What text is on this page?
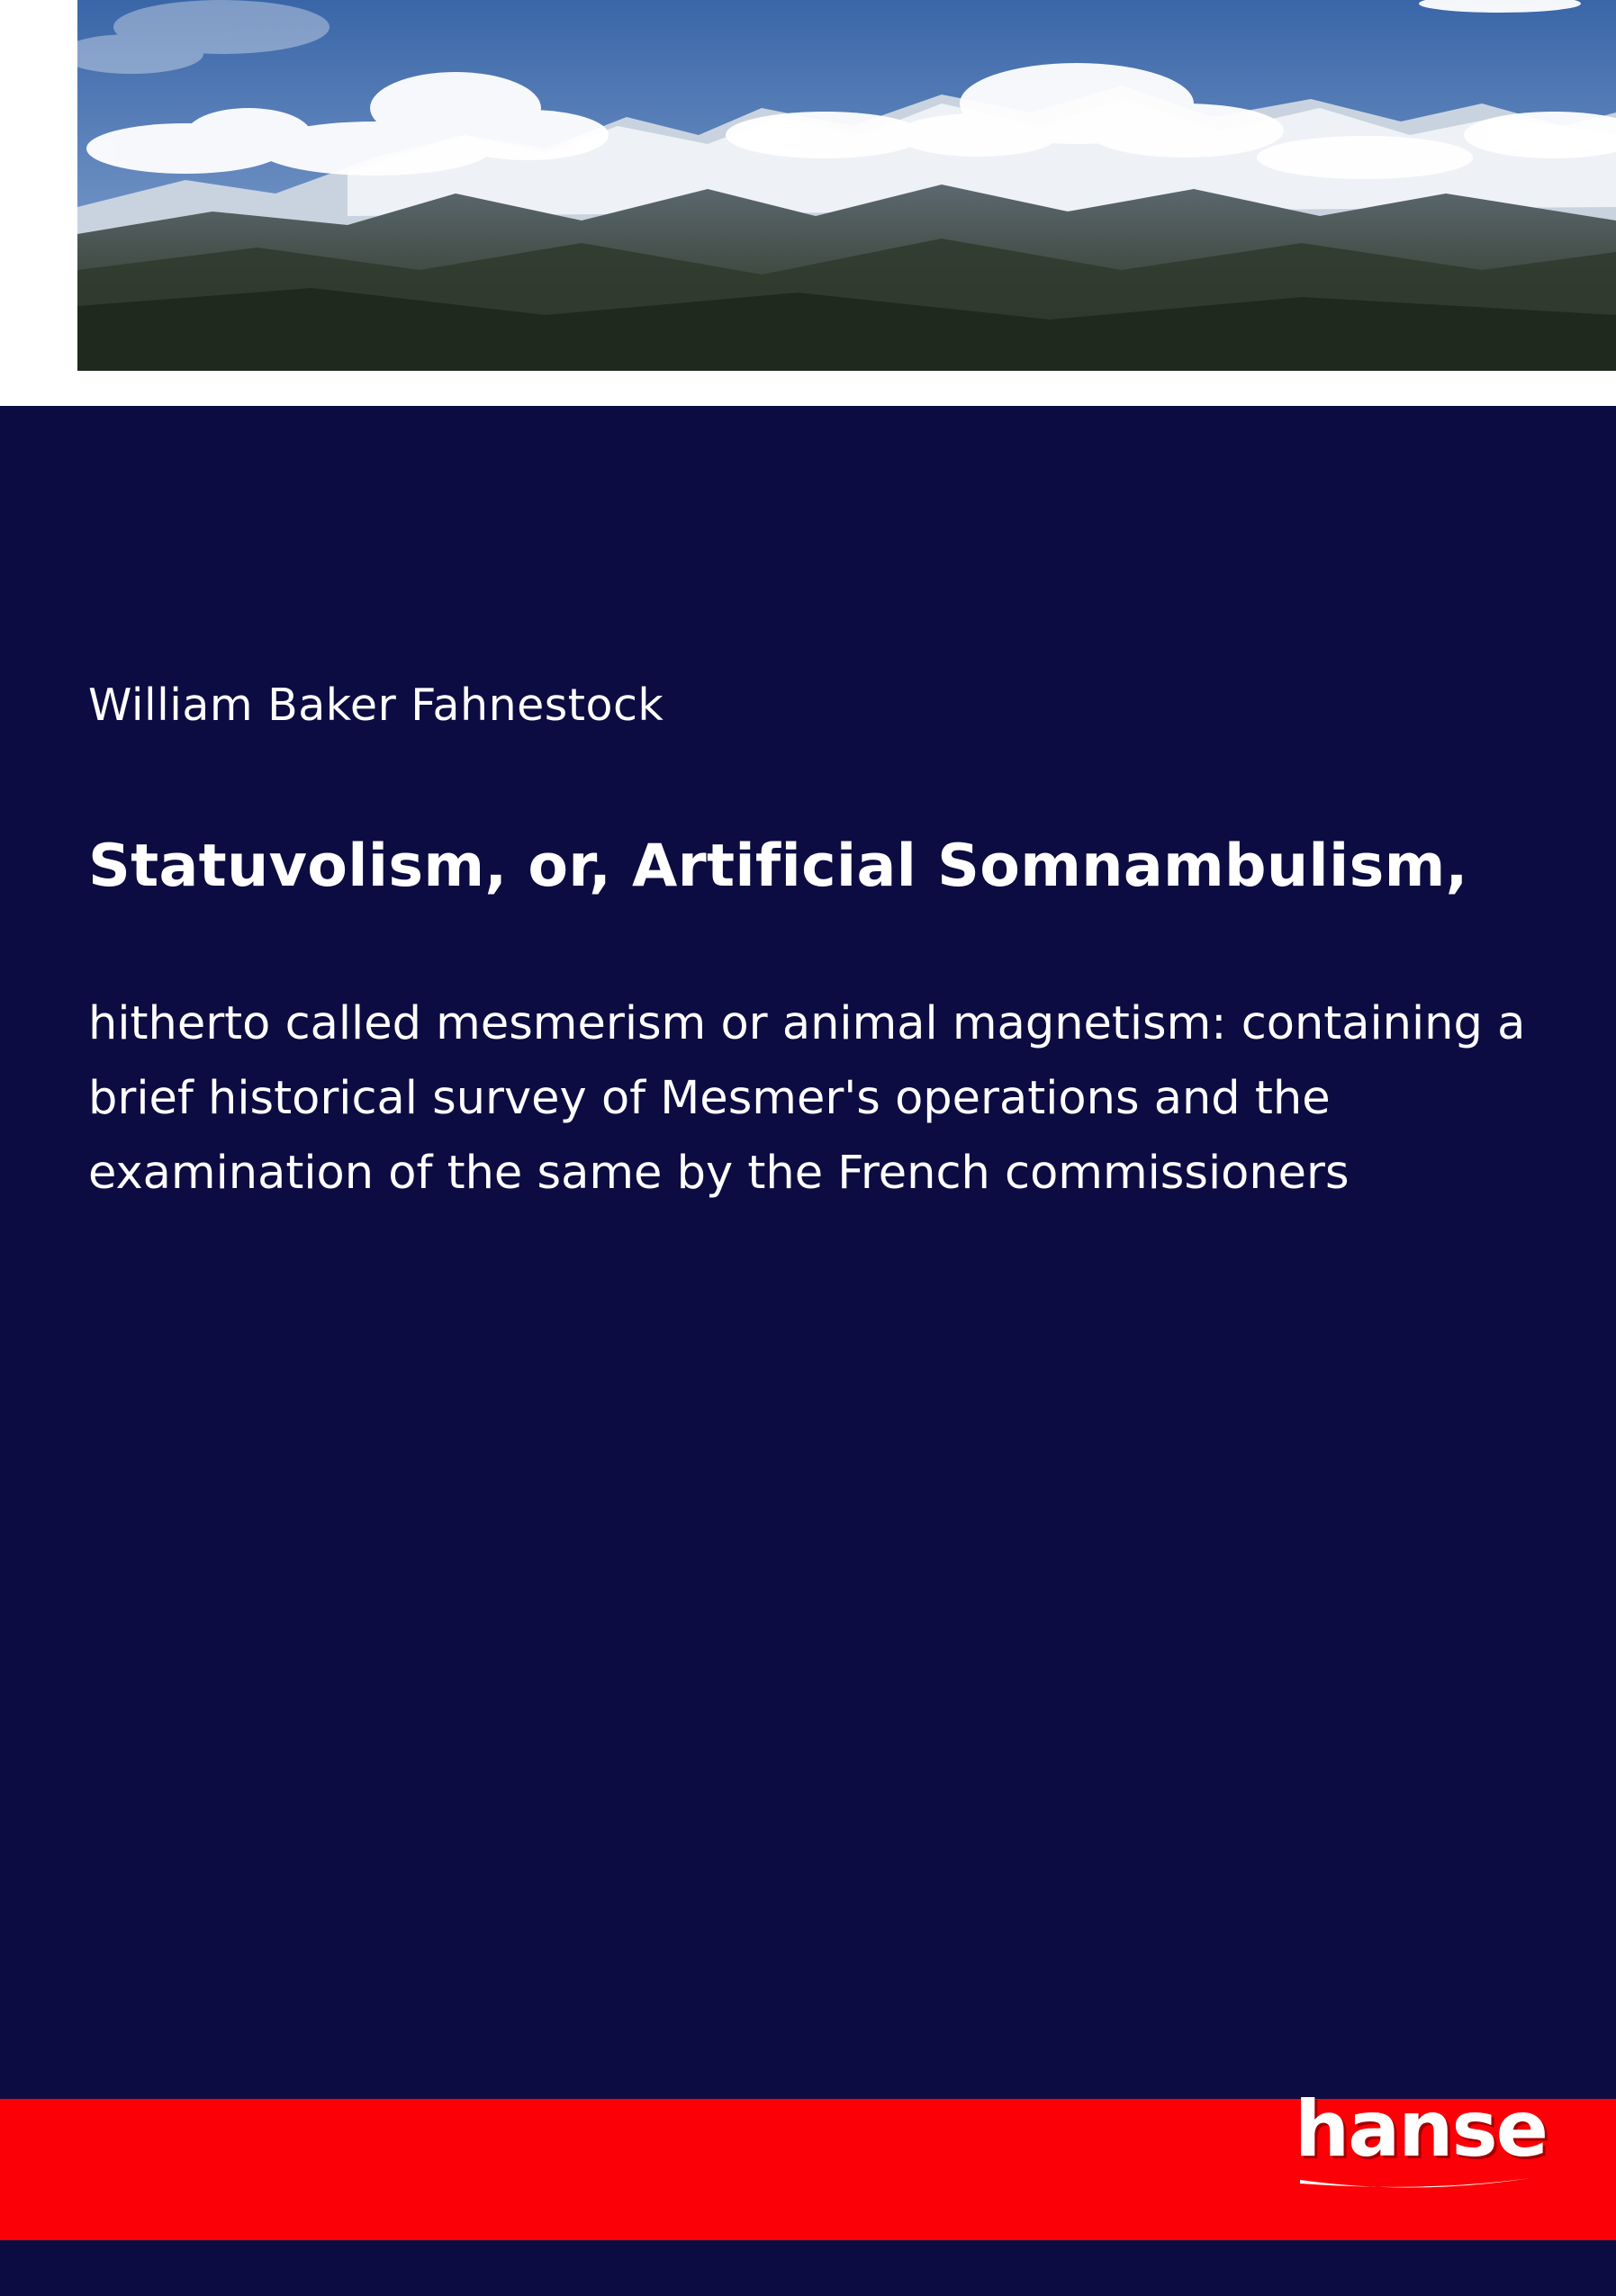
William Baker Fahnestock
Statuvolism, or, Artificial Somnambulism,
hitherto called mesmerism or animal magnetism: containing a brief historical survey of Mesmer's operations and the examination of the same by the French commissioners
hanse
